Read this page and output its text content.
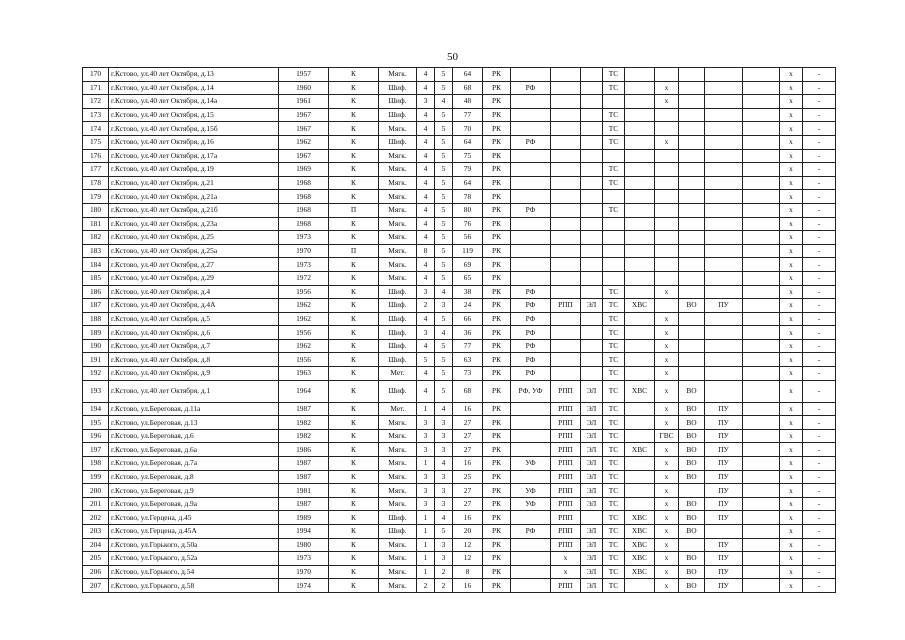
50
170	г.Кстово, ул.40 лет Октября, д.13	1957	К	Мягк.	4	5	64	РК				ТС						х	-
171	г.Кстово, ул.40 лет Октября, д.14	1960	К	Шиф.	4	5	68	РК	РФ			ТС		х				х	-
172	г.Кстово, ул.40 лет Октября, д.14а	1961	К	Шиф.	3	4	48	РК						х				х	-
173	г.Кстово, ул.40 лет Октября, д.15	1967	К	Шиф.	4	5	77	РК				ТС						х	-
174	г.Кстово, ул.40 лет Октября, д.15б	1967	К	Мягк.	4	5	70	РК				ТС						х	-
175	г.Кстово, ул.40 лет Октября, д.16	1962	К	Шиф.	4	5	64	РК	РФ			ТС		х				х	-
176	г.Кстово, ул.40 лет Октября, д.17а	1967	К	Мягк.	4	5	75	РК										х	-
177	г.Кстово, ул.40 лет Октября, д.19	1969	К	Мягк.	4	5	79	РК				ТС						х	-
178	г.Кстово, ул.40 лет Октября, д.21	1968	К	Мягк.	4	5	64	РК				ТС						х	-
179	г.Кстово, ул.40 лет Октября, д.21а	1968	К	Мягк.	4	5	78	РК										х	-
180	г.Кстово, ул.40 лет Октября, д.21б	1968	П	Мягк.	4	5	80	РК	РФ			ТС						х	-
181	г.Кстово, ул.40 лет Октября, д.23а	1968	К	Мягк.	4	5	76	РК										х	-
182	г.Кстово, ул.40 лет Октября, д.25	1973	К	Мягк.	4	5	56	РК										х	-
183	г.Кстово, ул.40 лет Октября, д.25а	1970	П	Мягк.	8	5	119	РК										х	-
184	г.Кстово, ул.40 лет Октября, д.27	1973	К	Мягк.	4	5	69	РК										х	-
185	г.Кстово, ул.40 лет Октября, д.29	1972	К	Мягк.	4	5	65	РК										х	-
186	г.Кстово, ул.40 лет Октября, д.4	1956	К	Шиф.	3	4	38	РК	РФ			ТС		х				х	-
187	г.Кстово, ул.40 лет Октября, д.4А	1962	К	Шиф.	2	3	24	РК	РФ	РПП	ЭЛ	ТС	ХВС		ВО	ПУ		х	-
188	г.Кстово, ул.40 лет Октября, д.5	1962	К	Шиф.	4	5	66	РК	РФ			ТС		х				х	-
189	г.Кстово, ул.40 лет Октября, д.6	1956	К	Шиф.	3	4	36	РК	РФ			ТС		х				х	-
190	г.Кстово, ул.40 лет Октября, д.7	1962	К	Шиф.	4	5	77	РК	РФ			ТС		х				х	-
191	г.Кстово, ул.40 лет Октября, д.8	1956	К	Шиф.	5	5	63	РК	РФ			ТС		х				х	-
192	г.Кстово, ул.40 лет Октября, д.9	1963	К	Мет.	4	5	73	РК	РФ			ТС		х				х	-
193	г.Кстово, ул.40 лет Октября, д.1	1964	К	Шиф.	4	5	68	РК	РФ, УФ	РПП	ЭЛ	ТС	ХВС	х	ВО			х	-
194	г.Кстово, ул.Береговая, д.11а	1987	К	Мет.	1	4	16	РК		РПП	ЭЛ	ТС		х	ВО	ПУ		х	-
195	г.Кстово, ул.Береговая, д.13	1982	К	Мягк.	3	3	27	РК		РПП	ЭЛ	ТС		х	ВО	ПУ		х	-
196	г.Кстово, ул.Береговая, д.6	1982	К	Мягк.	3	3	27	РК		РПП	ЭЛ	ТС		ГВС	ВО	ПУ		х	-
197	г.Кстово, ул.Береговая, д.6а	1986	К	Мягк.	3	3	27	РК		РПП	ЭЛ	ТС	ХВС	х	ВО	ПУ		х	-
198	г.Кстово, ул.Береговая, д.7а	1987	К	Мягк.	1	4	16	РК	УФ	РПП	ЭЛ	ТС		х	ВО	ПУ		х	-
199	г.Кстово, ул.Береговая, д.8	1987	К	Мягк.	3	3	25	РК		РПП	ЭЛ	ТС		х	ВО	ПУ		х	-
200	г.Кстово, ул.Береговая, д.9	1981	К	Мягк.	3	3	27	РК	УФ	РПП	ЭЛ	ТС		х		ПУ		х	-
201	г.Кстово, ул.Береговая, д.9а	1987	К	Мягк.	3	3	27	РК	УФ	РПП	ЭЛ	ТС		х	ВО	ПУ		х	-
202	г.Кстово, ул.Герцена, д.45	1989	К	Шиф.	1	4	16	РК		РПП		ТС	ХВС	х	ВО	ПУ		х	-
203	г.Кстово, ул.Герцена, д.45А	1994	К	Шиф.	1	5	20	РК	РФ	РПП	ЭЛ	ТС	ХВС	х	ВО			х	-
204	г.Кстово, ул.Горького, д.50а	1980	К	Мягк.	1	3	12	РК		РПП	ЭЛ	ТС	ХВС	х		ПУ		х	-
205	г.Кстово, ул.Горького, д.52а	1973	К	Мягк.	1	3	12	РК		х	ЭЛ	ТС	ХВС	х	ВО	ПУ		х	-
206	г.Кстово, ул.Горького, д.54	1970	К	Мягк.	1	2	8	РК		х	ЭЛ	ТС	ХВС	х	ВО	ПУ		х	-
207	г.Кстово, ул.Горького, д.58	1974	К	Мягк.	2	2	16	РК		РПП	ЭЛ	ТС		х	ВО	ПУ		х	-
